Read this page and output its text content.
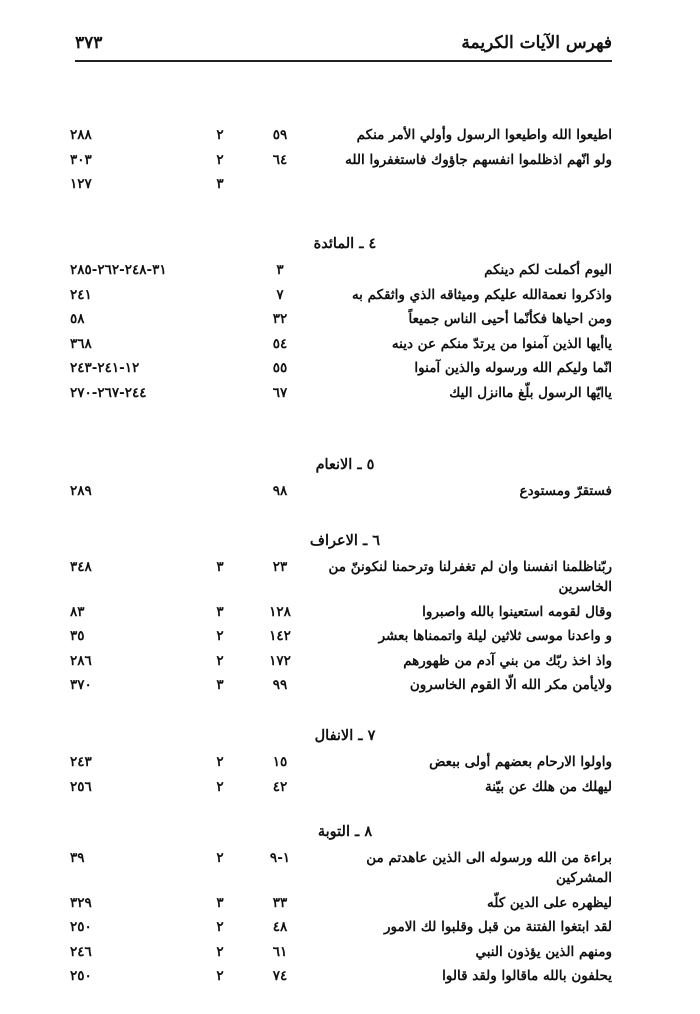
٣٧٣	فهرس الآيات الكريمة
اطيعوا الله واطيعوا الرسول وأولي الأمر منكم
٥٩
٢
٢٨٨
ولو انّهم اذظلموا انفسهم جاؤوك فاستغفروا الله
٦٤
٢
٣٠٣
٣
١٢٧
٤ ـ المائدة
اليوم أكملت لكم دينكم
٣
٣١-٢٤٨-٢٦٢-٢٨٥
واذكروا نعمةالله عليكم وميثاقه الذي واثقكم به
٧
٢٤١
ومن احياها فكأنّما أحيى الناس جميعاً
٣٢
٥٨
ياأيها الذين آمنوا من يرتدّ منكم عن دينه
٥٤
٣٦٨
انّما وليكم الله ورسوله والذين آمنوا
٥٥
١٢-٢٤١-٢٤٣
ياايّها الرسول بلّغ ماانزل اليك
٦٧
٢٤٤-٢٦٧-٢٧٠
٥ ـ الانعام
فستقرّ ومستودع
٩٨
٢٨٩
٦ ـ الاعراف
ربّناظلمنا انفسنا وان لم تغفرلنا وترحمنا لنكوننّ من الخاسرين
٢٣
٣
٣٤٨
وقال لقومه استعينوا بالله واصبروا
١٢٨
٣
٨٣
و واعدنا موسى ثلاثين ليلة واتممناها بعشر
١٤٢
٢
٣٥
واذ اخذ ربّك من بني آدم من ظهورهم
١٧٢
٢
٢٨٦
ولايأمن مكر الله الّا القوم الخاسرون
٩٩
٣
٣٧٠
٧ ـ الانفال
واولوا الارحام بعضهم أولى ببعض
١٥
٢
٢٤٣
ليهلك من هلك عن بيّنة
٤٢
٢
٢٥٦
٨ ـ التوبة
براءة من الله ورسوله الى الذين عاهدتم من المشركين
١-٩
٢
٣٩
ليظهره على الدين كلّه
٣٣
٣
٣٢٩
لقد ابتغوا الفتنة من قبل وقلبوا لك الامور
٤٨
٢
٢٥٠
ومنهم الذين يؤذون النبي
٦١
٢
٢٤٦
يحلفون بالله ماقالوا ولقد قالوا
٧٤
٢
٢٥٠
